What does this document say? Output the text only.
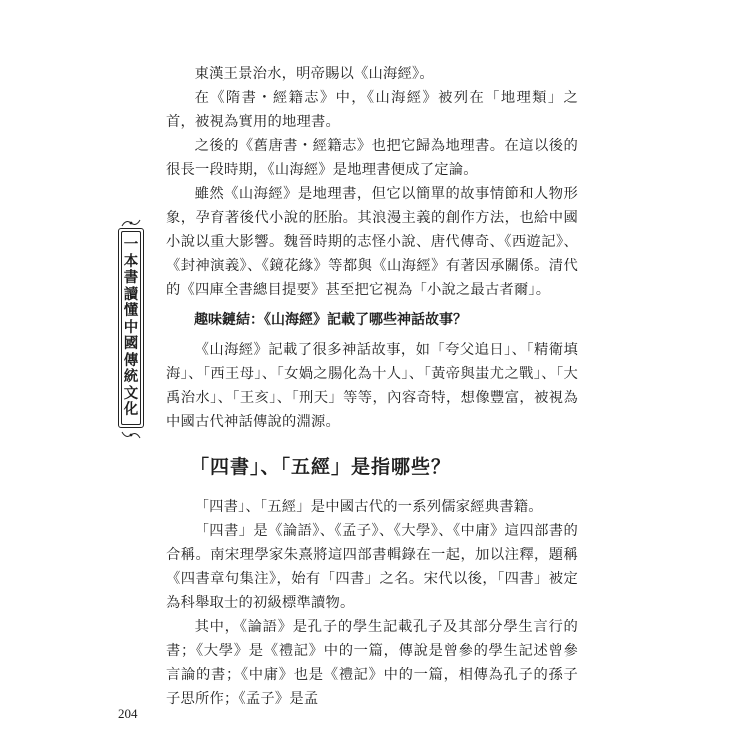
一
本
書
讀
懂
中
國
傳
統
文
化

東漢王景治水，明帝賜以《山海經》。

在《隋書・經籍志》中，《山海經》被列在「地理類」之首，被視為實用的地理書。

之後的《舊唐書・經籍志》也把它歸為地理書。在這以後的很長一段時期，《山海經》是地理書便成了定論。

雖然《山海經》是地理書，但它以簡單的故事情節和人物形象，孕育著後代小說的胚胎。其浪漫主義的創作方法，也給中國小說以重大影響。魏晉時期的志怪小說、唐代傳奇、《西遊記》、《封神演義》、《鏡花緣》等都與《山海經》有著因承關係。清代的《四庫全書總目提要》甚至把它視為「小說之最古者爾」。

趣味鏈結：《山海經》記載了哪些神話故事？

《山海經》記載了很多神話故事，如「夸父追日」、「精衛填海」、「西王母」、「女媧之腸化為十人」、「黃帝與蚩尤之戰」、「大禹治水」、「王亥」、「刑天」等等，內容奇特，想像豐富，被視為中國古代神話傳說的淵源。

「四書」、「五經」是指哪些？

「四書」、「五經」是中國古代的一系列儒家經典書籍。

「四書」是《論語》、《孟子》、《大學》、《中庸》這四部書的合稱。南宋理學家朱熹將這四部書輯錄在一起，加以注釋，題稱《四書章句集注》，始有「四書」之名。宋代以後，「四書」被定為科舉取士的初級標準讀物。

其中，《論語》是孔子的學生記載孔子及其部分學生言行的書；《大學》是《禮記》中的一篇，傳說是曾參的學生記述曾參言論的書；《中庸》也是《禮記》中的一篇，相傳為孔子的孫子子思所作；《孟子》是孟

204
